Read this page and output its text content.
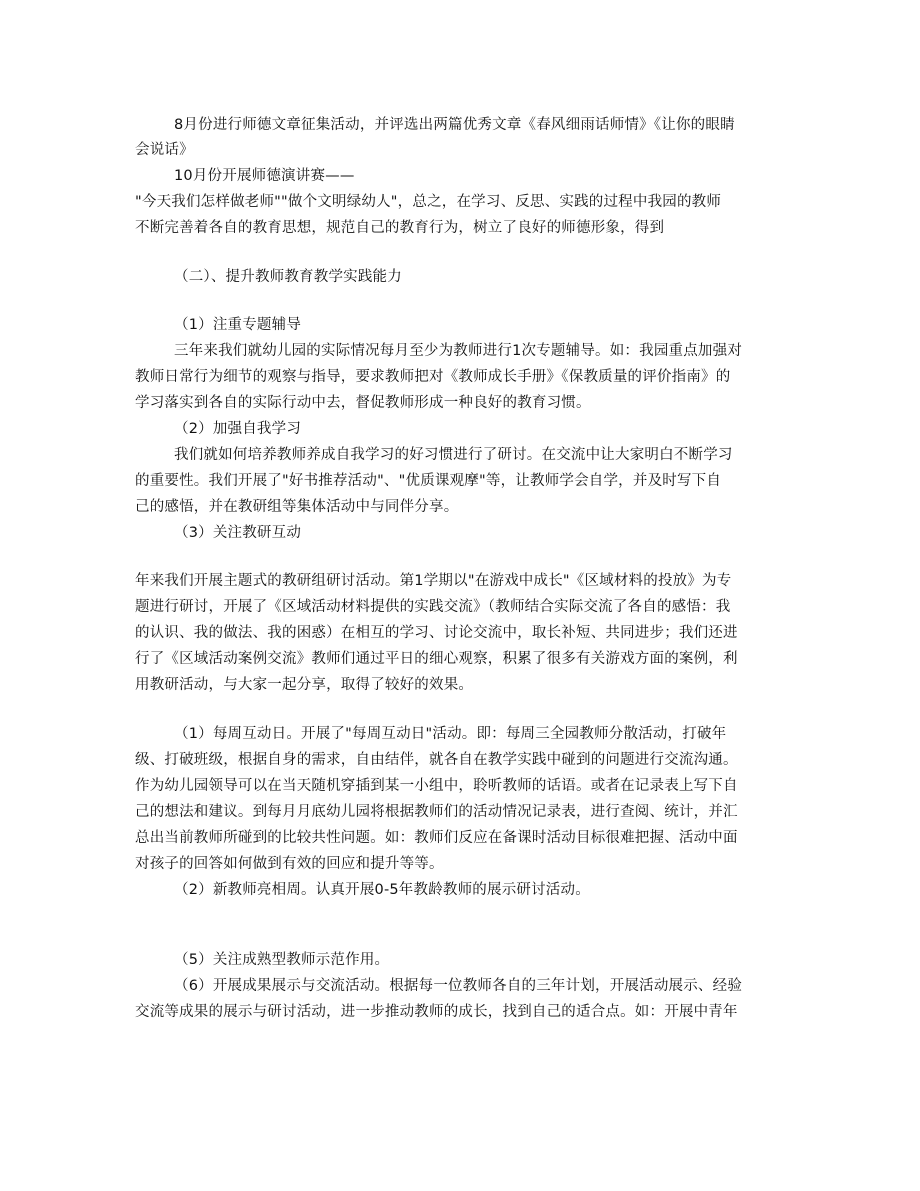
8月份进行师德文章征集活动，并评选出两篇优秀文章《春风细雨话师情》《让你的眼睛
会说话》
10月份开展师德演讲赛——
"今天我们怎样做老师""做个文明绿幼人"，总之，在学习、反思、实践的过程中我园的教师
不断完善着各自的教育思想，规范自己的教育行为，树立了良好的师德形象，得到
（二）、提升教师教育教学实践能力
（1）注重专题辅导
三年来我们就幼儿园的实际情况每月至少为教师进行1次专题辅导。如：我园重点加强对
教师日常行为细节的观察与指导，要求教师把对《教师成长手册》《保教质量的评价指南》的
学习落实到各自的实际行动中去，督促教师形成一种良好的教育习惯。
（2）加强自我学习
我们就如何培养教师养成自我学习的好习惯进行了研讨。在交流中让大家明白不断学习
的重要性。我们开展了"好书推荐活动"、"优质课观摩"等，让教师学会自学，并及时写下自
己的感悟，并在教研组等集体活动中与同伴分享。
（3）关注教研互动
年来我们开展主题式的教研组研讨活动。第1学期以"在游戏中成长"《区域材料的投放》为专
题进行研讨，开展了《区域活动材料提供的实践交流》（教师结合实际交流了各自的感悟：我
的认识、我的做法、我的困惑）在相互的学习、讨论交流中，取长补短、共同进步；我们还进
行了《区域活动案例交流》教师们通过平日的细心观察，积累了很多有关游戏方面的案例，利
用教研活动，与大家一起分享，取得了较好的效果。
（1）每周互动日。开展了"每周互动日"活动。即：每周三全园教师分散活动，打破年
级、打破班级，根据自身的需求，自由结伴，就各自在教学实践中碰到的问题进行交流沟通。
作为幼儿园领导可以在当天随机穿插到某一小组中，聆听教师的话语。或者在记录表上写下自
己的想法和建议。到每月月底幼儿园将根据教师们的活动情况记录表，进行查阅、统计，并汇
总出当前教师所碰到的比较共性问题。如：教师们反应在备课时活动目标很难把握、活动中面
对孩子的回答如何做到有效的回应和提升等等。
（2）新教师亮相周。认真开展0-5年教龄教师的展示研讨活动。
（5）关注成熟型教师示范作用。
（6）开展成果展示与交流活动。根据每一位教师各自的三年计划，开展活动展示、经验
交流等成果的展示与研讨活动，进一步推动教师的成长，找到自己的适合点。如：开展中青年
